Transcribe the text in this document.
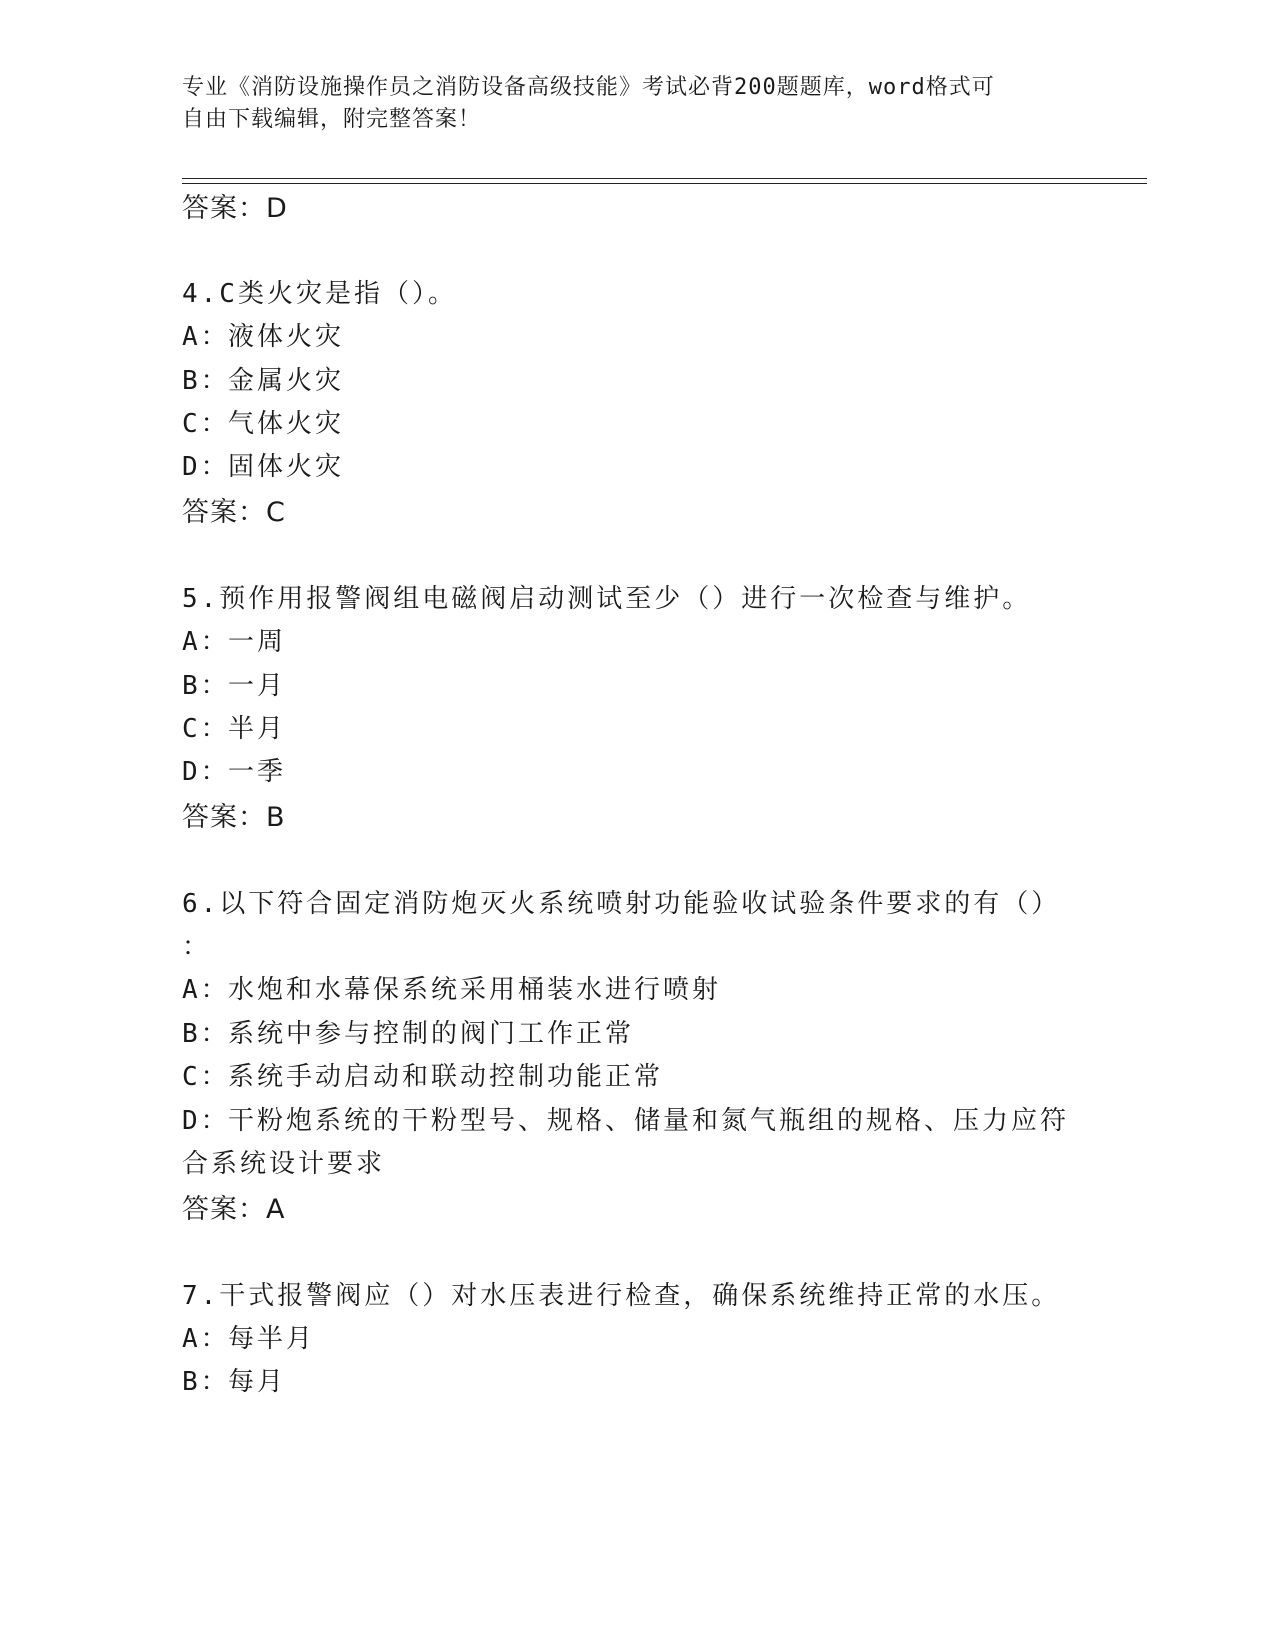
专业《消防设施操作员之消防设备高级技能》考试必背200题题库，word格式可
自由下载编辑，附完整答案！
答案：D
4.C类火灾是指（）。
A：液体火灾
B：金属火灾
C：气体火灾
D：固体火灾
答案：C
5.预作用报警阀组电磁阀启动测试至少（）进行一次检查与维护。
A：一周
B：一月
C：半月
D：一季
答案：B
6.以下符合固定消防炮灭火系统喷射功能验收试验条件要求的有（）
：
A：水炮和水幕保系统采用桶装水进行喷射
B：系统中参与控制的阀门工作正常
C：系统手动启动和联动控制功能正常
D：干粉炮系统的干粉型号、规格、储量和氮气瓶组的规格、压力应符
合系统设计要求
答案：A
7.干式报警阀应（）对水压表进行检查，确保系统维持正常的水压。
A：每半月
B：每月
